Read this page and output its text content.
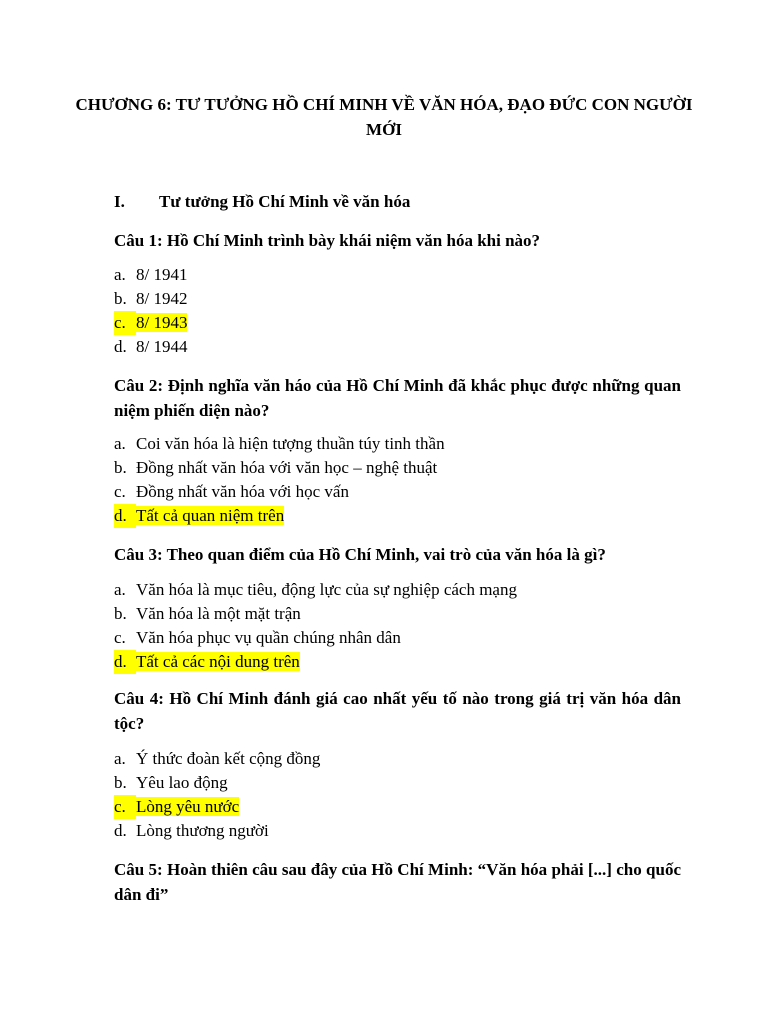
CHƯƠNG 6: TƯ TƯỞNG HỒ CHÍ MINH VỀ VĂN HÓA, ĐẠO ĐỨC CON NGƯỜI MỚI
I. Tư tưởng Hồ Chí Minh về văn hóa
Câu 1: Hồ Chí Minh trình bày khái niệm văn hóa khi nào?
a. 8/ 1941
b. 8/ 1942
c. 8/ 1943
d. 8/ 1944
Câu 2: Định nghĩa văn háo của Hồ Chí Minh đã khắc phục được những quan niệm phiến diện nào?
a. Coi văn hóa là hiện tượng thuần túy tinh thần
b. Đồng nhất văn hóa với văn học – nghệ thuật
c. Đồng nhất văn hóa với học vấn
d. Tất cả quan niệm trên
Câu 3: Theo quan điểm của Hồ Chí Minh, vai trò của văn hóa là gì?
a. Văn hóa là mục tiêu, động lực của sự nghiệp cách mạng
b. Văn hóa là một mặt trận
c. Văn hóa phục vụ quần chúng nhân dân
d. Tất cả các nội dung trên
Câu 4: Hồ Chí Minh đánh giá cao nhất yếu tố nào trong giá trị văn hóa dân tộc?
a. Ý thức đoàn kết cộng đồng
b. Yêu lao động
c. Lòng yêu nước
d. Lòng thương người
Câu 5: Hoàn thiên câu sau đây của Hồ Chí Minh: “Văn hóa phải [...] cho quốc dân đi”
